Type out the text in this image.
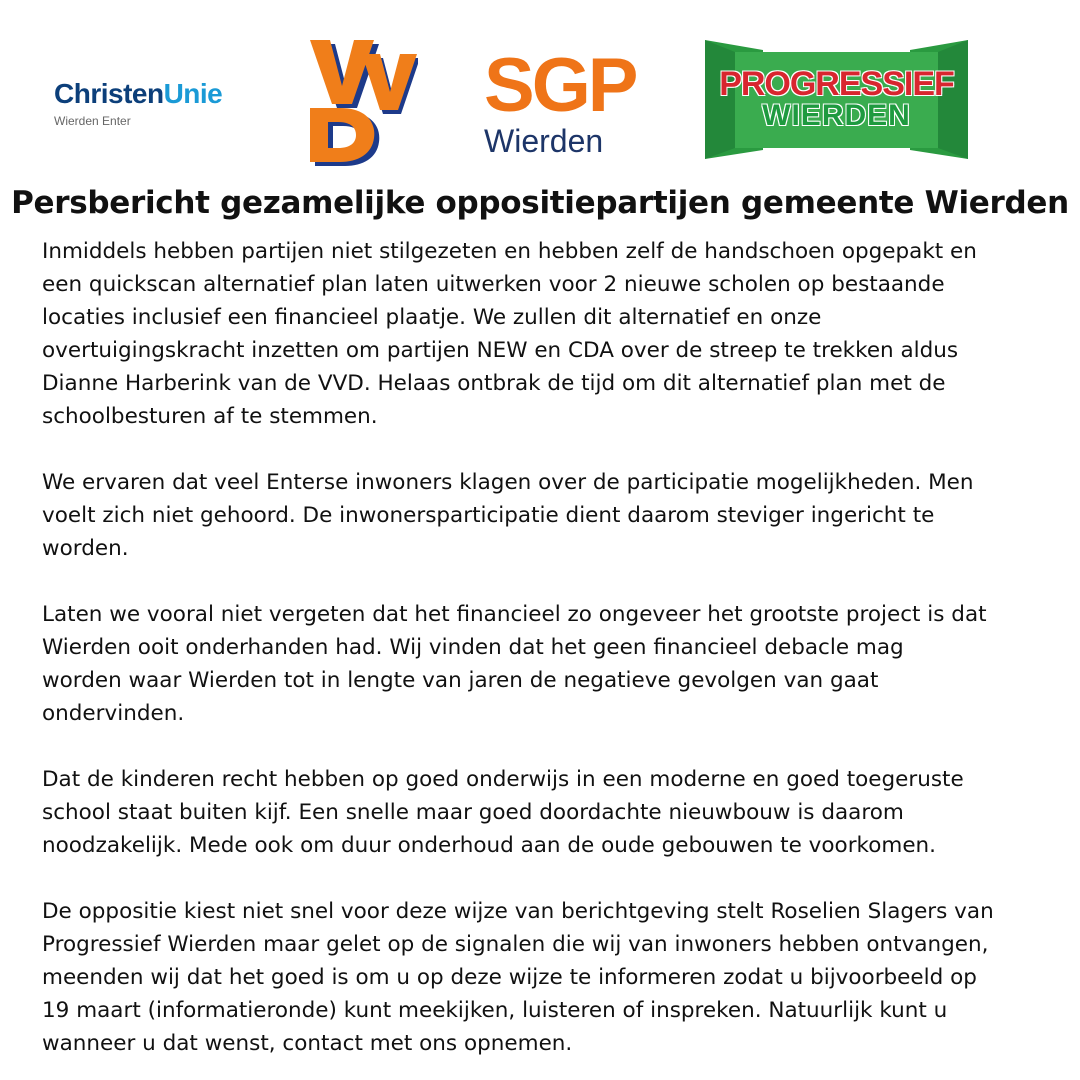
ChristenUnie
Wierden Enter	SGP
Wierden
PROGRESSIEF
WIERDEN
Persbericht gezamelijke oppositiepartijen gemeente Wierden

Inmiddels hebben partijen niet stilgezeten en hebben zelf de handschoen opgepakt en
een quickscan alternatief plan laten uitwerken voor 2 nieuwe scholen op bestaande
locaties inclusief een financieel plaatje. We zullen dit alternatief en onze
overtuigingskracht inzetten om partijen NEW en CDA over de streep te trekken aldus
Dianne Harberink van de VVD. Helaas ontbrak de tijd om dit alternatief plan met de
schoolbesturen af te stemmen.

We ervaren dat veel Enterse inwoners klagen over de participatie mogelijkheden. Men
voelt zich niet gehoord. De inwonersparticipatie dient daarom steviger ingericht te
worden.

Laten we vooral niet vergeten dat het financieel zo ongeveer het grootste project is dat
Wierden ooit onderhanden had. Wij vinden dat het geen financieel debacle mag
worden waar Wierden tot in lengte van jaren de negatieve gevolgen van gaat
ondervinden.

Dat de kinderen recht hebben op goed onderwijs in een moderne en goed toegeruste
school staat buiten kijf. Een snelle maar goed doordachte nieuwbouw is daarom
noodzakelijk. Mede ook om duur onderhoud aan de oude gebouwen te voorkomen.

De oppositie kiest niet snel voor deze wijze van berichtgeving stelt Roselien Slagers van
Progressief Wierden maar gelet op de signalen die wij van inwoners hebben ontvangen,
meenden wij dat het goed is om u op deze wijze te informeren zodat u bijvoorbeeld op
19 maart (informatieronde) kunt meekijken, luisteren of inspreken. Natuurlijk kunt u
wanneer u dat wenst, contact met ons opnemen.
